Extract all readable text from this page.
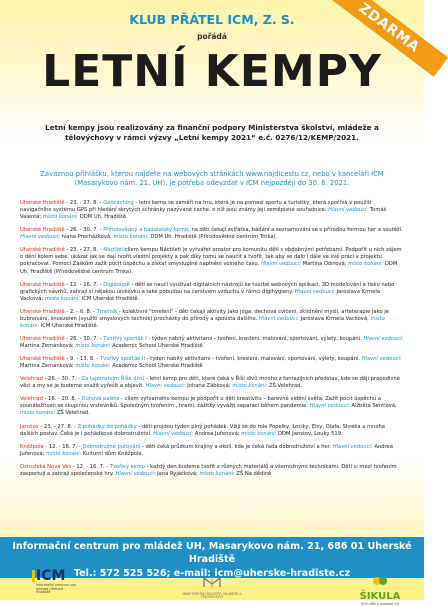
ZDARMA
KLUB PŘÁTEL ICM, Z. S.
pořádá
LETNÍ KEMPY
Letní kempy jsou realizovány za finanční podpory Ministerstva školství, mládeže a tělovýchovy v rámci výzvy „Letní kempy 2021“ e.č. 0276/12/KEMP/2021.
Závaznou přihlášku, kterou najdete na webových stránkách www.najdicestu.cz, nebo v kanceláři ICM (Masarykovo nám. 21, UH), je potřeba odevzdat v ICM nejpozději do 30. 6. 2021.
Uherské Hradiště - 23. - 27. 8. - Geocaching - letní kemp se zaměří na hru, která je na pomezí sportu a turistiky, která spočívá v použití navigačního systému GPS při hledání skrytých schránky nazývané cache, o níž jsou známy její zeměpisné souřadnice. Hlavní vedoucí: Tomáš Valenta; místo konání: DDM Uh. Hradiště.
Uherské Hradiště - 26. - 30. 7. - Přírodovědný a badatelský kemp, na děti čekají zvířátka, bádání a seznamování se s přírodou formou her a soutěží. Hlavní vedoucí: Ivana Procházková; místo konání: DDM Uh. Hradiště (Přírodovědné centrum Trnka).
Uherské Hradiště - 23. - 27. 8. - Náctileticílem kempu Náctileti je vytvářet prostor pro komunitu dětí s obdobnými potřebami. Podpořit u nich zájem o dění kolem sebe, ukázat jak se dají tvořit vlastní projekty a pak díky tomu se naučit a tvořit, tak aby se dalo i dále ve své práci v projektu pokračovat. Pomocí Záškům zažít pocit úspěchu a získat smysluplné naplnění volného času. Hlavní vedoucí: Martina Dörrová; místo konání: DDM Uh. Hradiště (Přírodovědné centrum Trnka).
Uherské Hradiště - 12. - 16. 7. - Digidoupě - děti se naučí využívat digitálních nástrojů ke tvorbě webových aplikací, 3D modelování a tisku nebo grafických návrhů, zahrají si nějakou únikovku a také pobudou na čerstvém vzduchu v rámci digihygieny. Hlavní vedoucí: Jaroslava Krmela Vacková; místo konání: ICM Uherské Hradiště.
Uherské Hradiště - 2. - 6. 8. - Tmelník - kolektivní "tmelení" - děti čekají aktivity jako jóga, dechová cvičení, zklidnění mysli, arteterapie jako je bubnování, snoezelen (využití smyslových technik) procházky do přírody a spousta dalšího. Hlavní vedoucí: Jaroslava Krmela Vacková; místo konání: ICM Uherské Hradiště.
Uherské Hradiště - 26. - 30. 7. - Tvořivý sporták I - týden nabitý aktivitami - tvoření, kreslení, malování, sportování, výlety, koupání. Hlavní vedoucí: Martina Zemánková; místo konání: Academic School Uherské Hradiště
Uherské Hradiště - 9. - 13. 8. - Tvořivý sporták II - týden nabitý aktivitami - tvoření, kreslení, malování, sportování, výlety, koupání. Hlavní vedoucí: Martina Zemánková; místo konání: Academic School Uherské Hradiště
Velehrad - 26. - 30. 7. - Za tajemstvím Říše divů - letní kemp pro děti, které čeká v Říši divů mnoho z fantazijních představ, kde se ději prapodivné věci a my se je budeme snažit vyřešit a objevit. Hlavní vedoucí: Johana Zábková; místo konání: ZŠ Velehrad.
Velehrad - 16. - 20. 8. - Duhová paleta - cílem výtvarného kempu je podpořit u dětí kreativitu – barevné vidění světa. Zažít pocit úspěchu a sounáležitosti se skupinou vrstevníků. Společným tvořením , hrami, zážitky vyvážit separaci během pandemie. Hlavní vedoucí: Alžběta Sentlová; místo konání: ZŠ Velehrad.
Jarošov - 23. - 27. 8. - Z pohádky do pohádky - děti projdou týden plný pohádek. Vžijí se do role Popelky, Lociky, Elsy, Olafa, Shreka a mnoha dalších postav. Čeká je i pohádkové dobrodružství. Hlavní vedoucí: Andrea Juřenová; místo konání: DDM Jarošov, Louky 519.
Kněžpole - 12. - 16. 7. - Dobrodružné putování - děti čeká průzkum krajiny a okolí, kde je čeká řada dobrodružství a her. Hlavní vedoucí: Andrea Juřenová; místo konání: Kulturní dům Kněžpole.
Ostrožská Nová Ves - 12. - 16. 7. - Tvořivý kemp - každý den budeme tvořit z různých materiálů a všemožnými technikami. Děti si mezi tvořením zasportují a zahrají společenské hry. Hlavní vedoucí: Jana Ryjáčková; místo konání: ZŠ Na dědině
Informační centrum pro mládež UH, Masarykovo nám. 21, 686 01 Uherské Hradiště
Tel.: 572 525 526; e-mail: icm@uherske-hradiste.cz
ICM
informační centrum pro mládež Uherské Hradiště	MINISTERSTVO ŠKOLSTVÍ, MLÁDEŽE A TĚLOVÝCHOVY	ŠIKULA
Dům dětí a mládeže UH
